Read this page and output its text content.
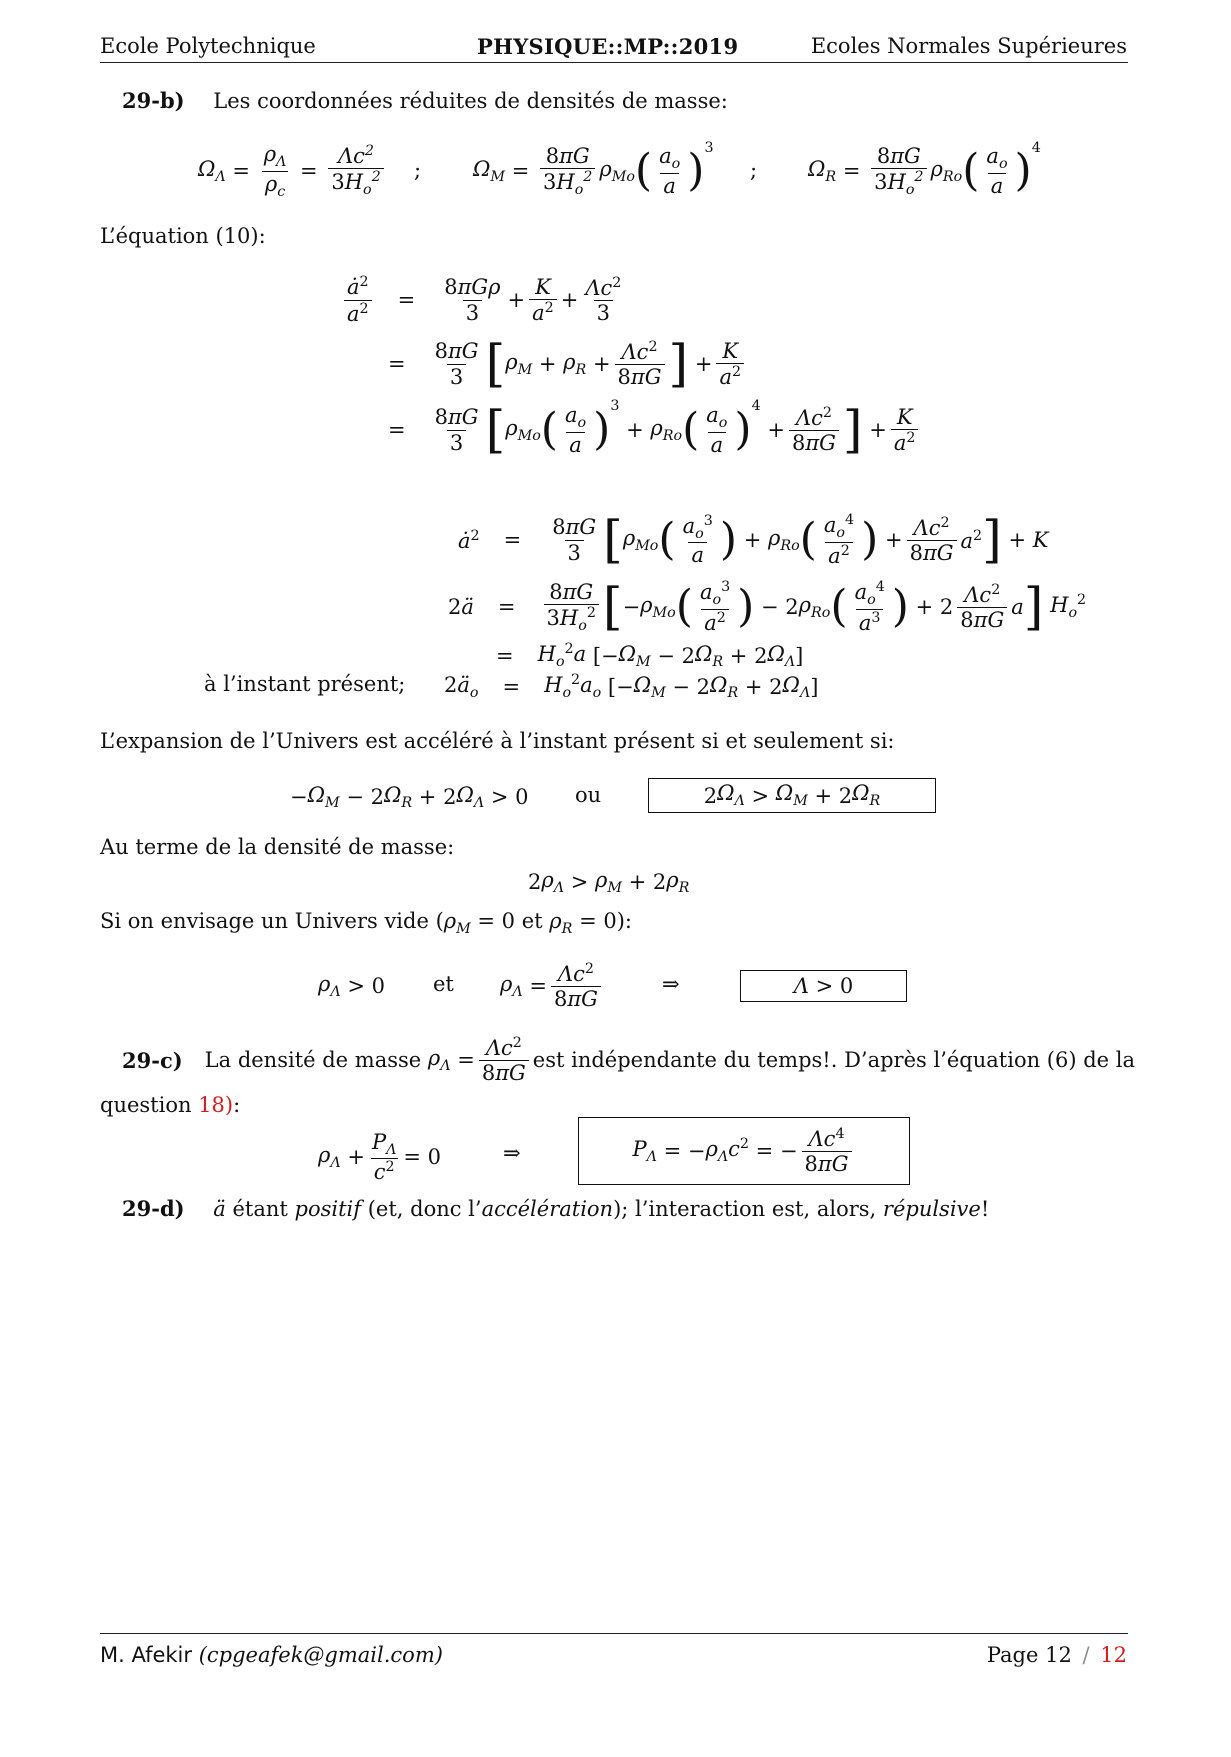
Ecole Polytechnique	PHYSIQUE::MP::2019	Ecoles Normales Supérieures
29-b) Les coordonnées réduites de densités de masse:
$\Omega_\Lambda = \frac{\rho_\Lambda}{\rho_c} = \frac{\Lambda c^2}{3H_o^2}$ ; $\Omega_M = \frac{8\pi G}{3H_o^2} \rho_{Mo}$ ( $\frac{a_o}{a} )^3$
; $\Omega_R = \frac{8\pi G}{3H_o^2} \rho_{Ro}$ ( $\frac{a_o}{a} )^4$
L’équation (10):
$\frac{ȧ^2}{a^2} = \frac{\text{8πGρ}}{3} + \frac{K}{a^2} + \frac{\Lambda c^2}{3}$
= $\frac{8\pi G}{3}$ [ $\rho_M + \rho_R + \frac{\Lambda c^2}{8\pi G}$ ] + $\frac{K}{a^2}$
= $\frac{8\pi G}{3}$ [ $\rho_{Mo}$ ( $\frac{a_o}{a} )^3$
+ $\rho_{Ro}$ ( $\frac{a_o}{a} )^4$
+ $\frac{\Lambda c^2}{8\pi G}$ ] + $\frac{K}{a^2}$
$ȧ^2 = \frac{8\pi G}{3}$ [ $\rho_{Mo}$ ( $\frac{a_o^3}{a}$ ) + $\rho_{Ro}$ ( $\frac{a_o^4}{a^2}$ ) + $\frac{\Lambda c^2}{8\pi G} a^2$ ] + K
2ä = $\frac{8\pi G}{3H_o^2}$ [ − $\rho_{Mo}$ ( $\frac{a_o^3}{a^2}$ ) − 2 $\rho_{Ro}$ ( $\frac{a_o^4}{a^3}$ ) + $2 \frac{\Lambda c^2}{8\pi G}$ a ] $H_o^2$
= $H_o^2a$ [− $\Omega_M - 2$ $\Omega_R + 2$ $\Omega_\Lambda$ ]
à l’instant présent; $2ä_o = H_o^2a_o$ [− $\Omega_M - 2$ $\Omega_R + 2$ $\Omega_\Lambda$ ]
L’expansion de l’Univers est accéléré à l’instant présent si et seulement si:
− $\Omega_M - 2$ $\Omega_R + 2$ $\Omega_\Lambda > 0$ ou	2 $\Omega_\Lambda > \Omega_M + 2$ $\Omega_R$
Au terme de la densité de masse:
2 $\rho_\Lambda > \rho_M + 2$ $\rho_R$
Si on envisage un Univers vide ($\rho_M = 0$ et $\rho_R = 0$):
$\rho_\Lambda > 0$ et $\rho_\Lambda = \frac{\Lambda c^2}{8\pi G}$	⇒	Λ > 0
29-c) La densité de masse $\rho_\Lambda = \frac{\Lambda c^2}{8\pi G}$ est indépendante du temps!. D’après l’équation (6) de la
question 18):
$\rho_\Lambda + \frac{P_\Lambda}{c^2} = 0$	⇒	$P_\Lambda$ = − $\rho_\Lambda c^2$ = − $\frac{\Lambda c^4}{8\pi G}$
29-d) ä étant positif (et, donc l’accélération); l’interaction est, alors, répulsive!
M. Afekir (cpgeafek@gmail.com)	Page 12 / 12
